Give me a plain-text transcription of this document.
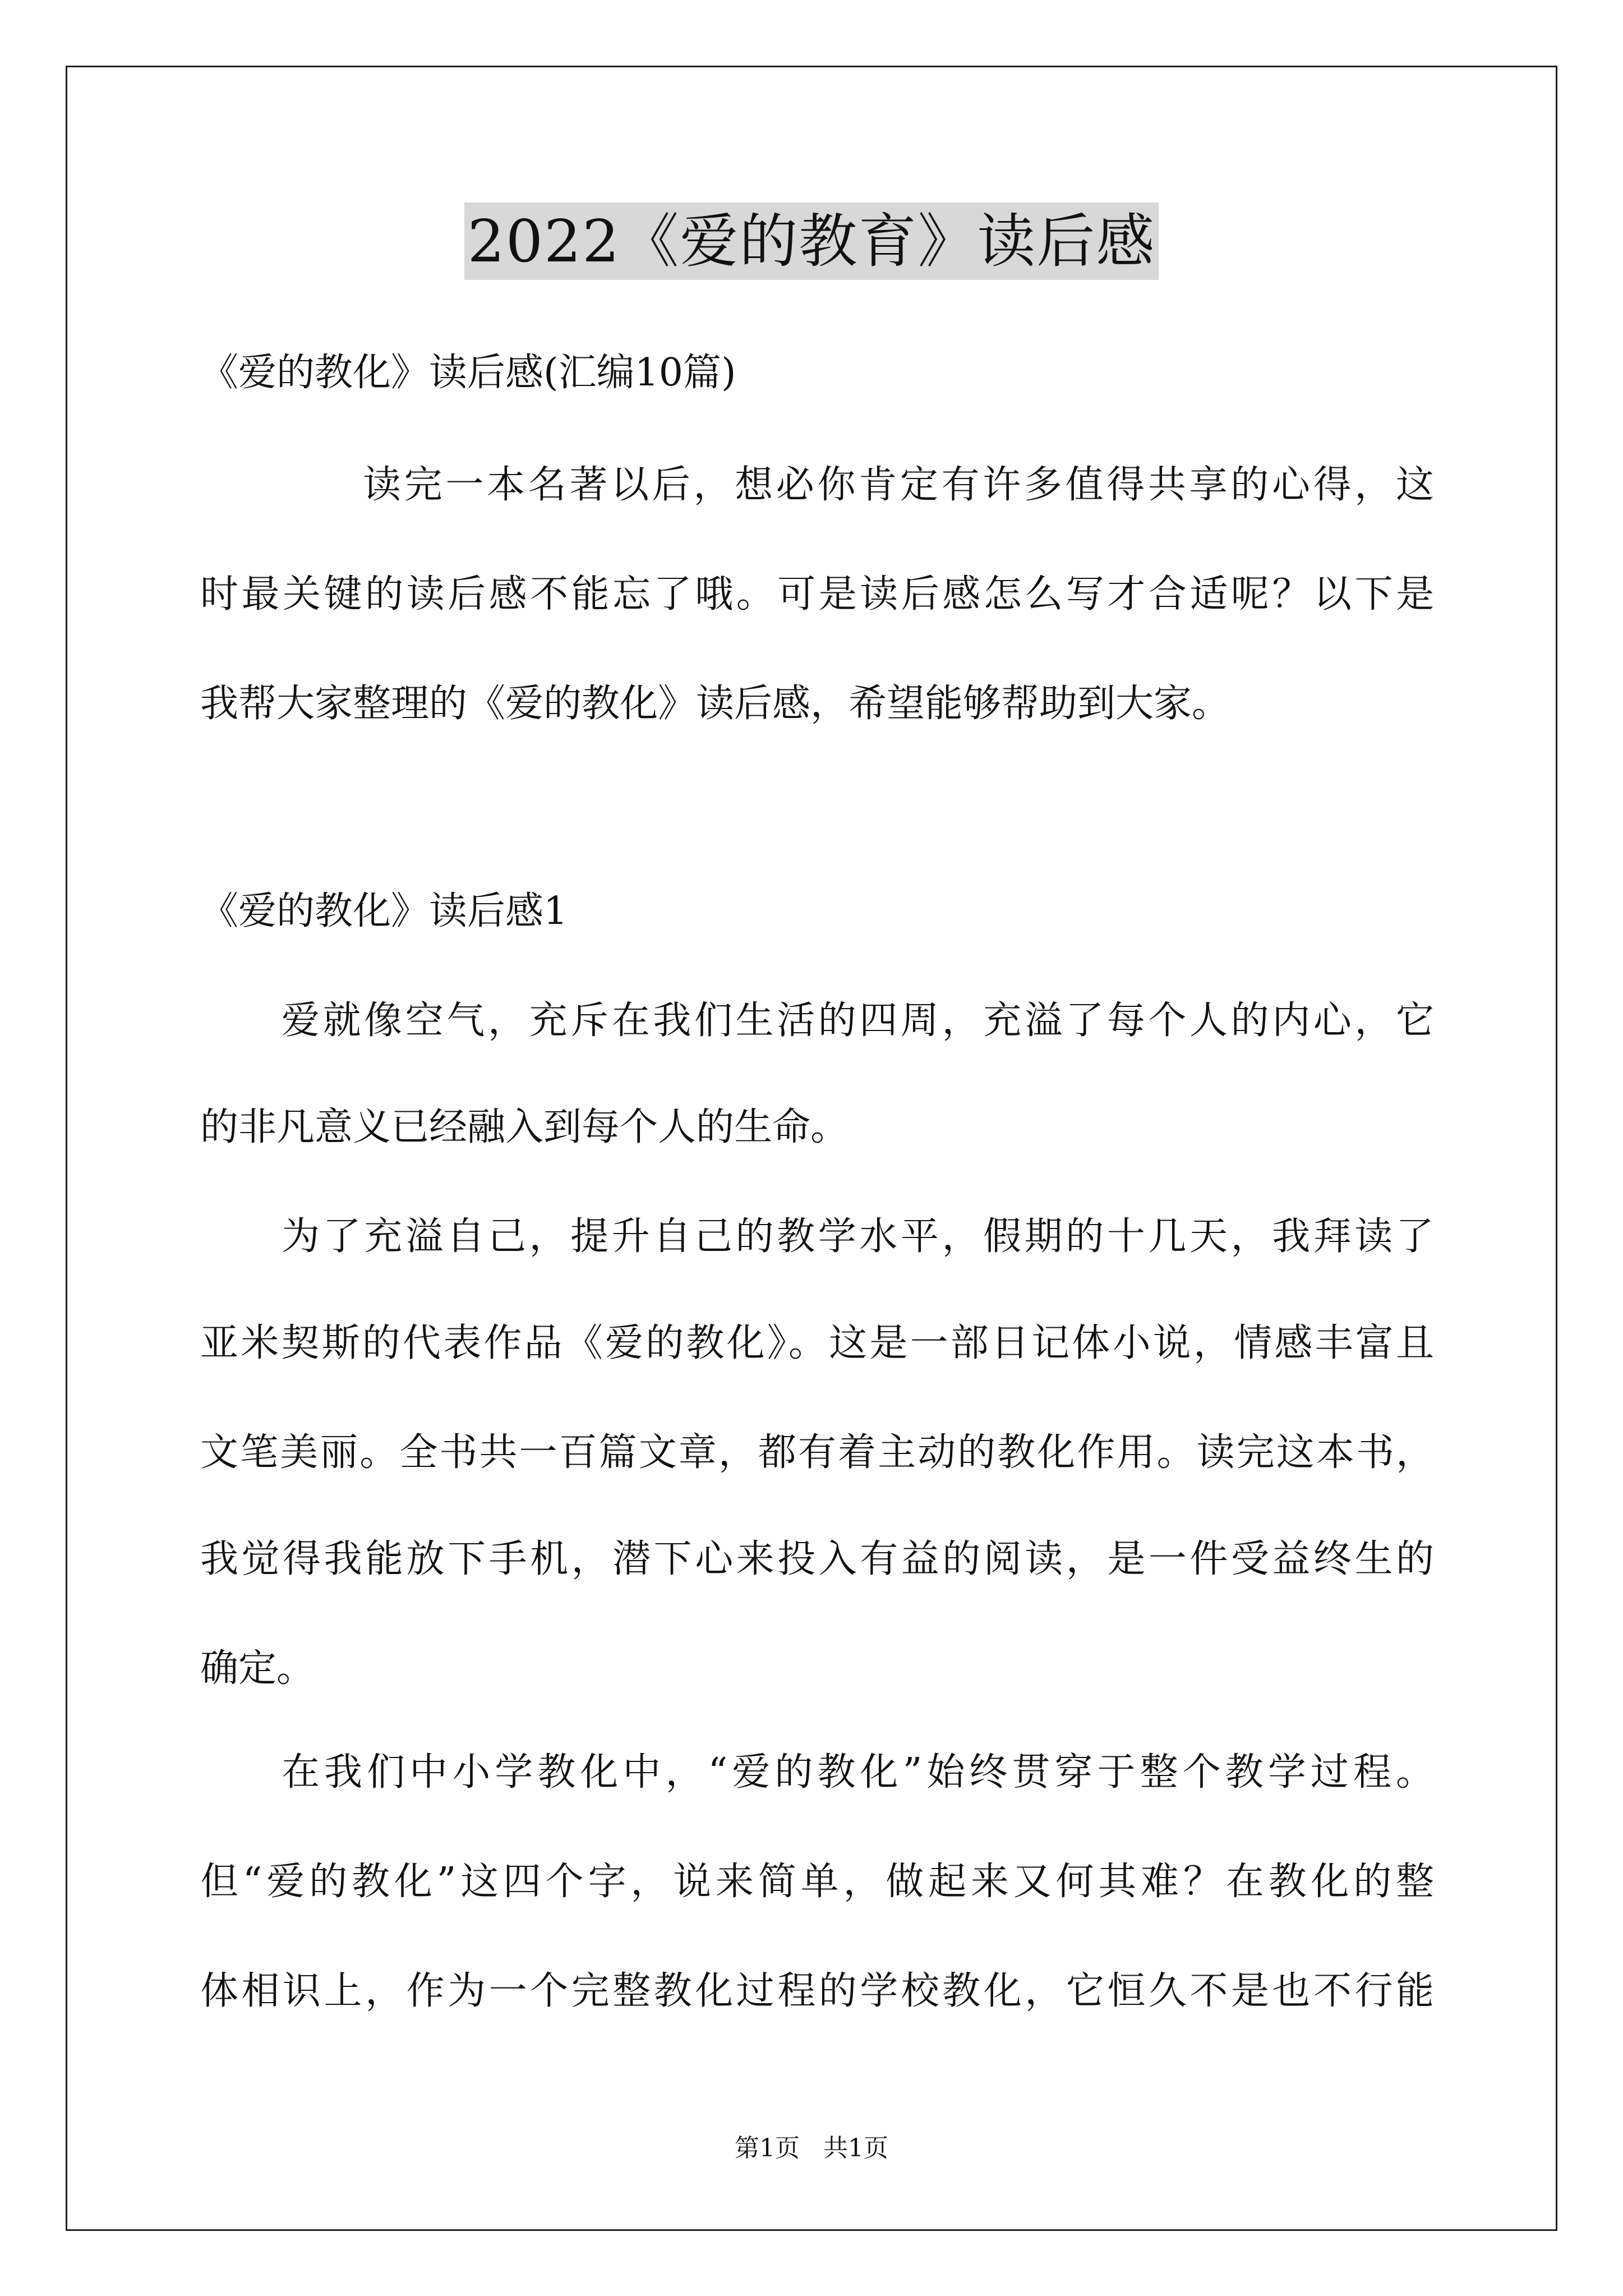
2022《爱的教育》读后感
《爱的教化》读后感(汇编10篇)
读完一本名著以后，想必你肯定有许多值得共享的心得，这
时最关键的读后感不能忘了哦。可是读后感怎么写才合适呢？以下是
我帮大家整理的《爱的教化》读后感，希望能够帮助到大家。
《爱的教化》读后感1
爱就像空气，充斥在我们生活的四周，充溢了每个人的内心，它
的非凡意义已经融入到每个人的生命。
为了充溢自己，提升自己的教学水平，假期的十几天，我拜读了
亚米契斯的代表作品《爱的教化》。这是一部日记体小说，情感丰富且
文笔美丽。全书共一百篇文章，都有着主动的教化作用。读完这本书，
我觉得我能放下手机，潜下心来投入有益的阅读，是一件受益终生的
确定。
在我们中小学教化中，“爱的教化”始终贯穿于整个教学过程。
但“爱的教化”这四个字，说来简单，做起来又何其难？在教化的整
体相识上，作为一个完整教化过程的学校教化，它恒久不是也不行能
第1页 共1页
